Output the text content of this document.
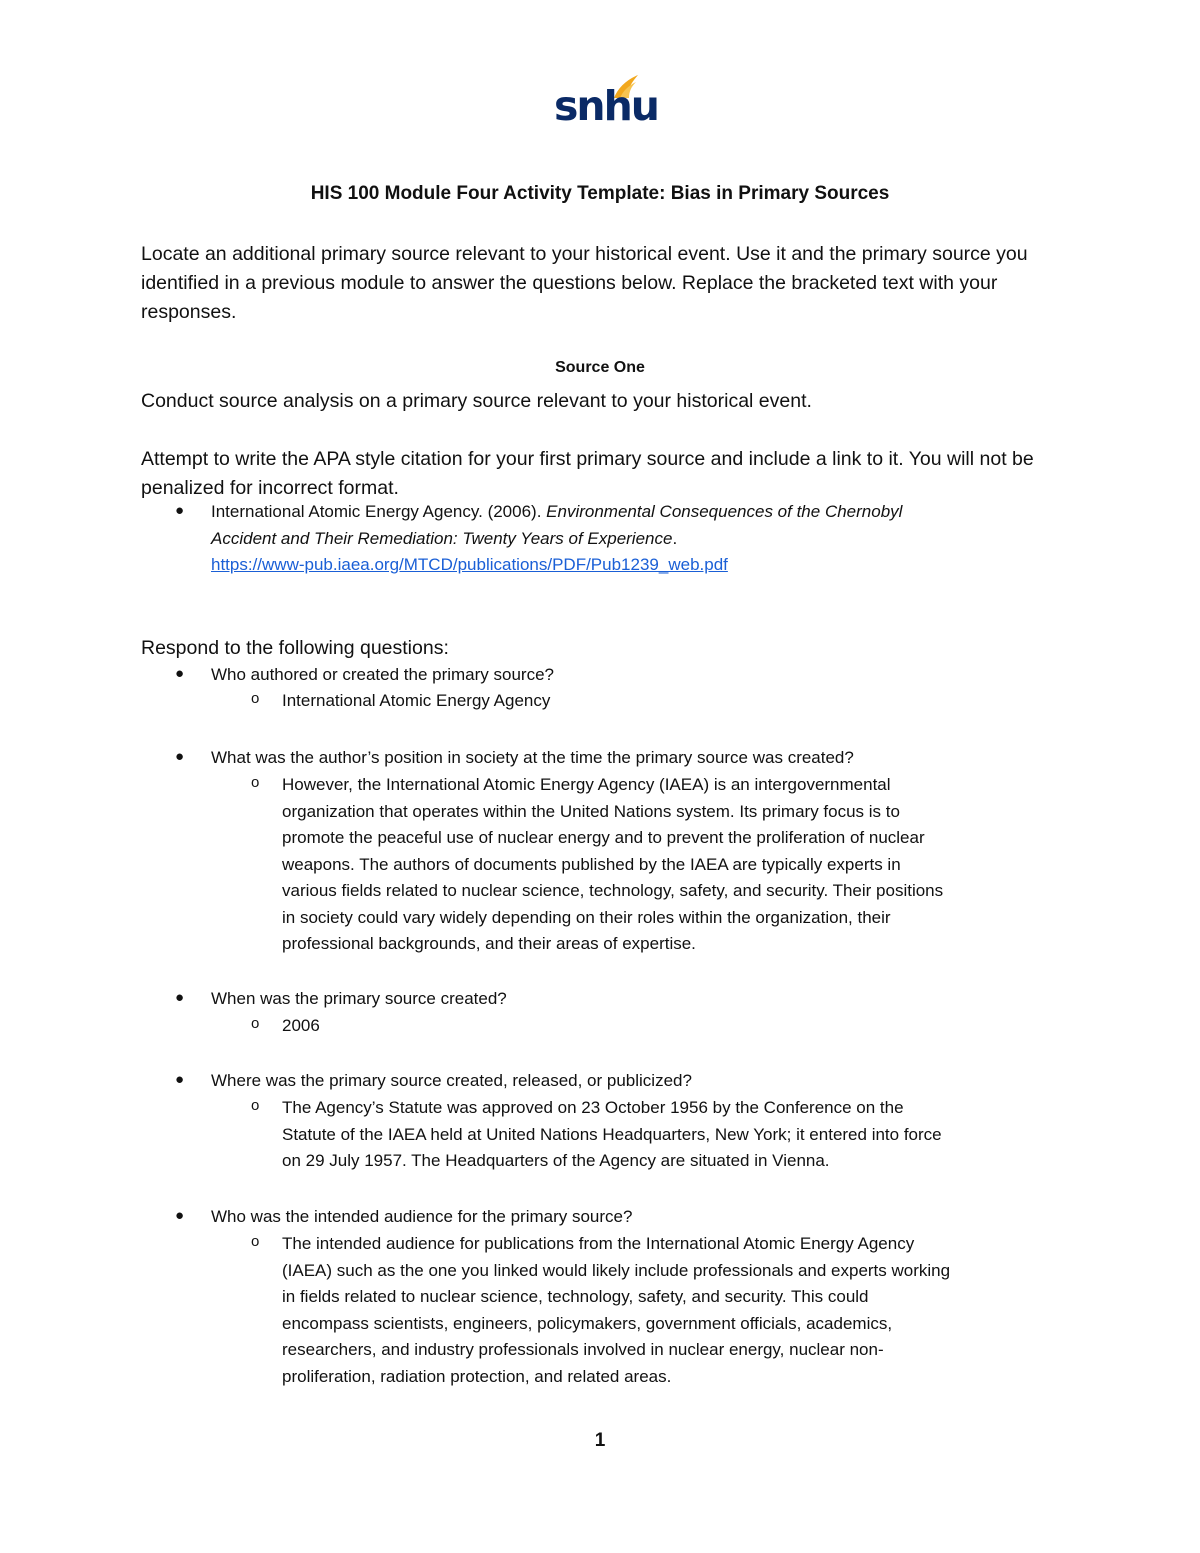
snhu
HIS 100 Module Four Activity Template: Bias in Primary Sources
Locate an additional primary source relevant to your historical event. Use it and the primary source you identified in a previous module to answer the questions below. Replace the bracketed text with your responses.
Source One
Conduct source analysis on a primary source relevant to your historical event.
Attempt to write the APA style citation for your first primary source and include a link to it. You will not be penalized for incorrect format.
● International Atomic Energy Agency. (2006). Environmental Consequences of the Chernobyl
Accident and Their Remediation: Twenty Years of Experience.
https://www-pub.iaea.org/MTCD/publications/PDF/Pub1239_web.pdf
Respond to the following questions:
● Who authored or created the primary source?
o International Atomic Energy Agency
● What was the author’s position in society at the time the primary source was created?
o However, the International Atomic Energy Agency (IAEA) is an intergovernmental
organization that operates within the United Nations system. Its primary focus is to
promote the peaceful use of nuclear energy and to prevent the proliferation of nuclear
weapons. The authors of documents published by the IAEA are typically experts in
various fields related to nuclear science, technology, safety, and security. Their positions
in society could vary widely depending on their roles within the organization, their
professional backgrounds, and their areas of expertise.
● When was the primary source created?
o 2006
● Where was the primary source created, released, or publicized?
o The Agency’s Statute was approved on 23 October 1956 by the Conference on the
Statute of the IAEA held at United Nations Headquarters, New York; it entered into force
on 29 July 1957. The Headquarters of the Agency are situated in Vienna.
● Who was the intended audience for the primary source?
o The intended audience for publications from the International Atomic Energy Agency
(IAEA) such as the one you linked would likely include professionals and experts working
in fields related to nuclear science, technology, safety, and security. This could
encompass scientists, engineers, policymakers, government officials, academics,
researchers, and industry professionals involved in nuclear energy, nuclear non-
proliferation, radiation protection, and related areas.
1
